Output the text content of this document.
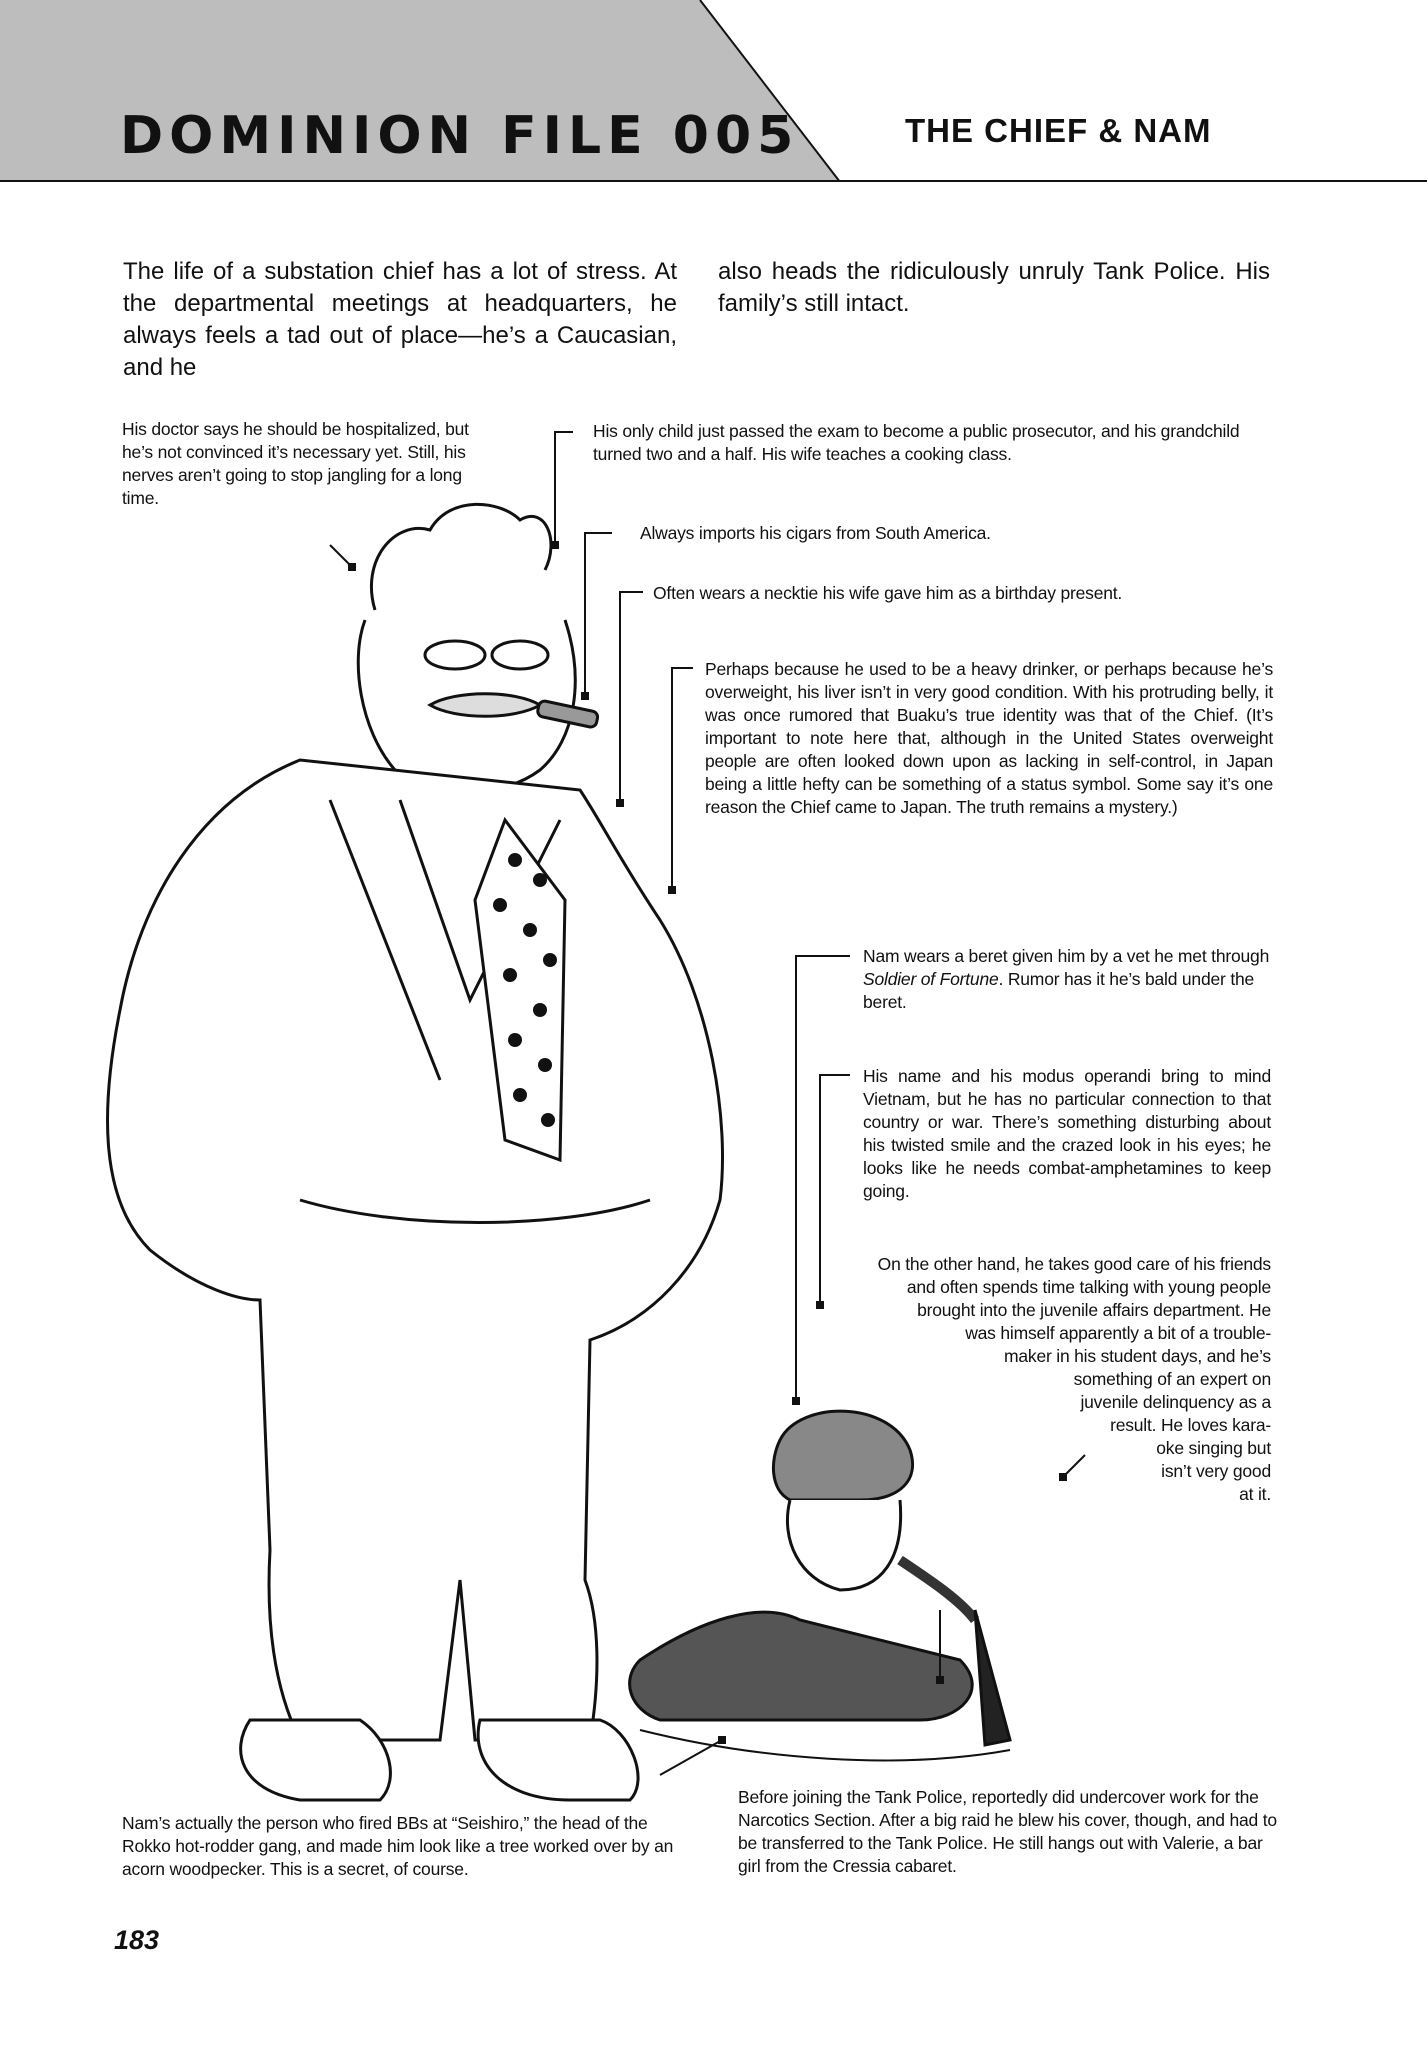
DOMINION FILE 005	THE CHIEF & NAM
The life of a substation chief has a lot of stress. At the departmental meetings at headquarters, he always feels a tad out of place—he’s a Caucasian, and he
also heads the ridiculously unruly Tank Police. His family’s still intact.
His doctor says he should be hospitalized, but he’s not convinced it’s necessary yet. Still, his nerves aren’t going to stop jangling for a long time.
His only child just passed the exam to become a public prosecutor, and his grandchild turned two and a half. His wife teaches a cooking class.
Always imports his cigars from South America.
Often wears a necktie his wife gave him as a birthday present.
Perhaps because he used to be a heavy drinker, or perhaps because he’s overweight, his liver isn’t in very good condition. With his protruding belly, it was once rumored that Buaku’s true identity was that of the Chief. (It’s important to note here that, although in the United States overweight people are often looked down upon as lacking in self-control, in Japan being a little hefty can be something of a status symbol. Some say it’s one reason the Chief came to Japan. The truth remains a mystery.)
Nam wears a beret given him by a vet he met through Soldier of Fortune. Rumor has it he’s bald under the beret.
His name and his modus operandi bring to mind Vietnam, but he has no particular connection to that country or war. There’s something disturbing about his twisted smile and the crazed look in his eyes; he looks like he needs combat-amphetamines to keep going.
On the other hand, he takes good care of his friends
and often spends time talking with young people
brought into the juvenile affairs department. He
was himself apparently a bit of a trouble-
maker in his student days, and he’s
something of an expert on
juvenile delinquency as a
result. He loves kara-
oke singing but
isn’t very good
at it.
Nam’s actually the person who fired BBs at “Seishiro,” the head of the Rokko hot-rodder gang, and made him look like a tree worked over by an acorn woodpecker. This is a secret, of course.
Before joining the Tank Police, reportedly did undercover work for the Narcotics Section. After a big raid he blew his cover, though, and had to be transferred to the Tank Police. He still hangs out with Valerie, a bar girl from the Cressia cabaret.
183
